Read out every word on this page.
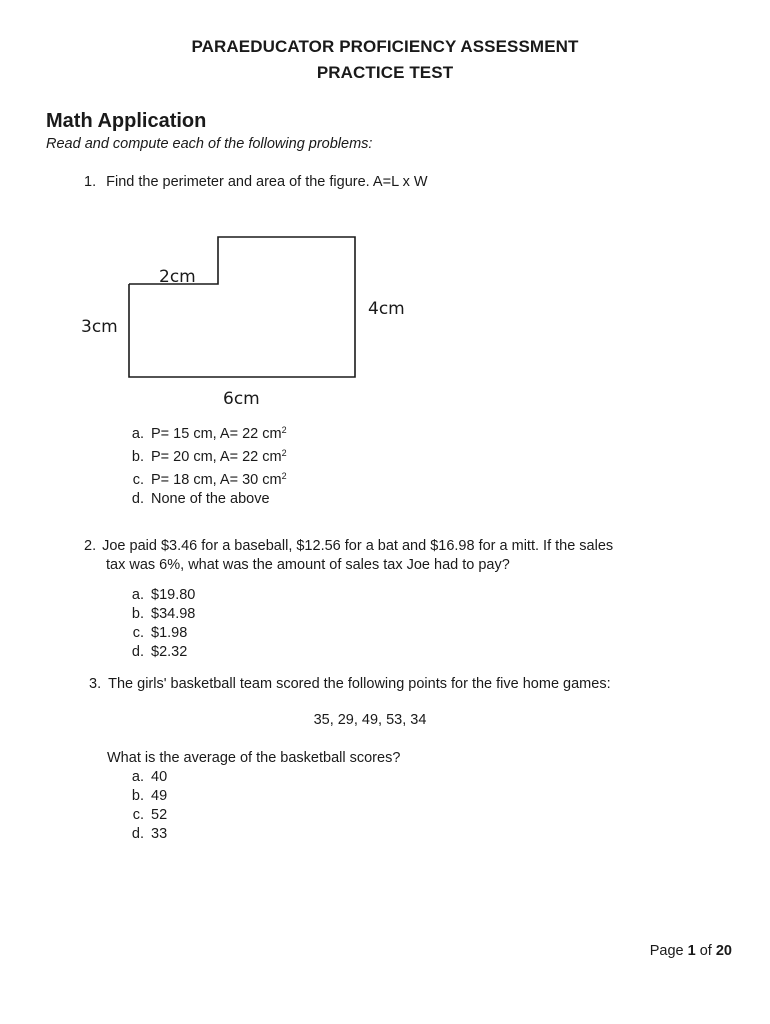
PARAEDUCATOR PROFICIENCY ASSESSMENT
PRACTICE TEST
Math Application
Read and compute each of the following problems:
1. Find the perimeter and area of the figure. A=L x W
2cm
3cm
4cm
6cm
a. P= 15 cm, A= 22 $cm^2$
b. P= 20 cm, A= 22 $cm^2$
c. P= 18 cm, A= 30 $cm^2$
d. None of the above
2. Joe paid $3.46 for a baseball, $12.56 for a bat and $16.98 for a mitt. If the sales
tax was 6%, what was the amount of sales tax Joe had to pay?
a. $19.80
b. $34.98
c. $1.98
d. $2.32
3. The girls' basketball team scored the following points for the five home games:
35, 29, 49, 53, 34
What is the average of the basketball scores?
a. 40
b. 49
c. 52
d. 33
Page 1 of 20
